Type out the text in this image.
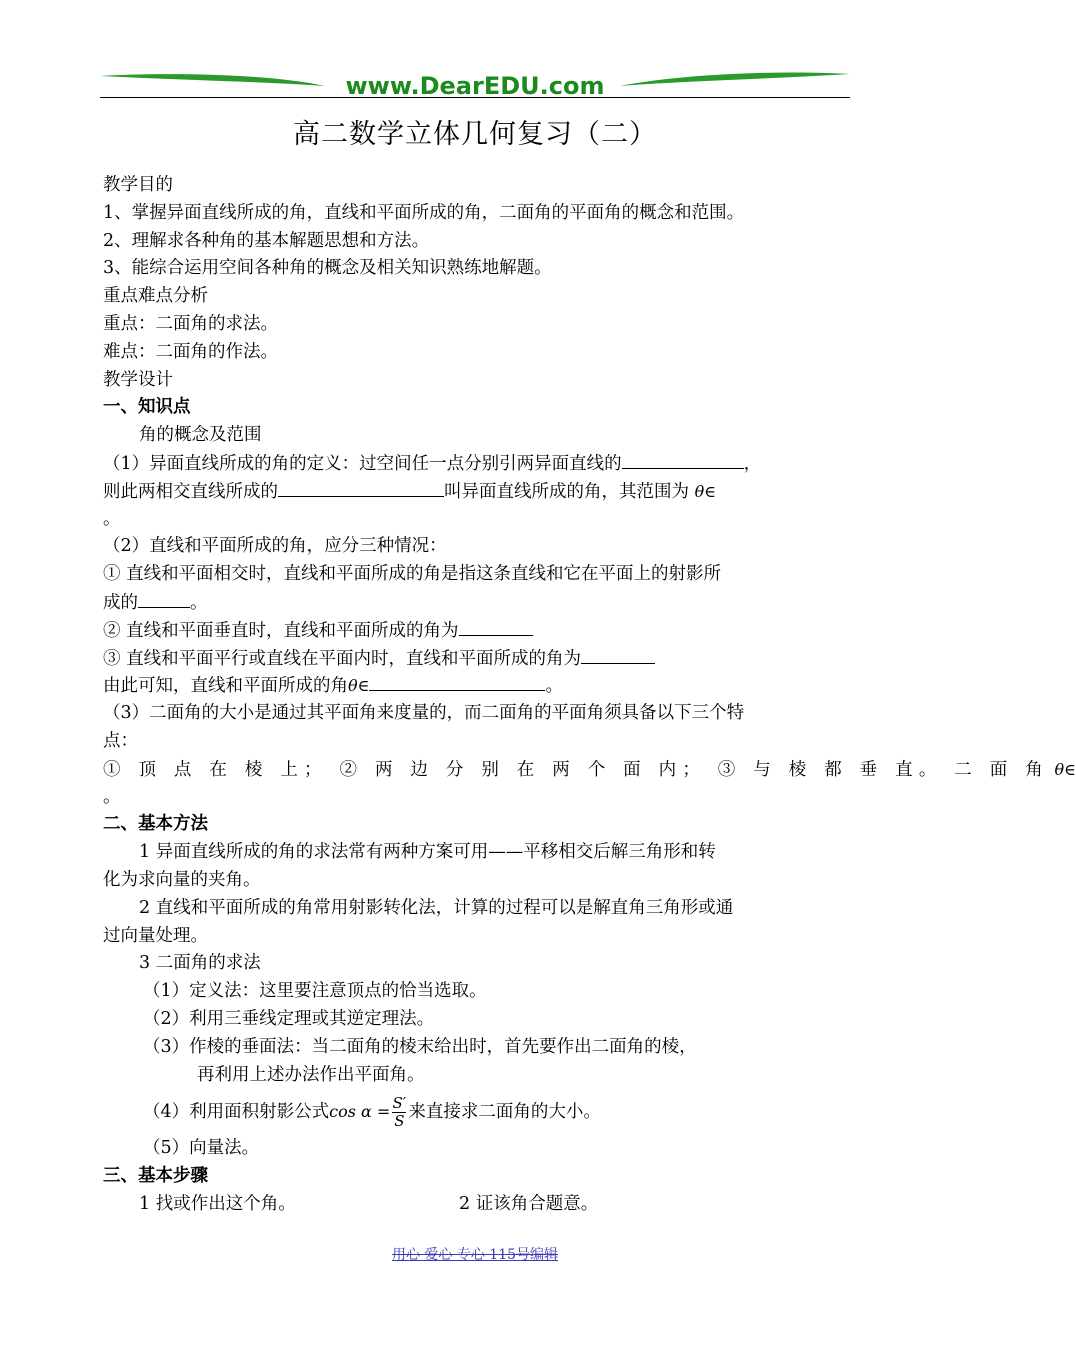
www.DearEDU.com
高二数学立体几何复习（二）
教学目的
1、掌握异面直线所成的角，直线和平面所成的角，二面角的平面角的概念和范围。
2、理解求各种角的基本解题思想和方法。
3、能综合运用空间各种角的概念及相关知识熟练地解题。
重点难点分析
重点：二面角的求法。
难点：二面角的作法。
教学设计
一、知识点
角的概念及范围
（1）异面直线所成的角的定义：过空间任一点分别引两异面直线的	，
则此两相交直线所成的	叫异面直线所成的角，其范围为 θ∈
。
（2）直线和平面所成的角，应分三种情况：
① 直线和平面相交时，直线和平面所成的角是指这条直线和它在平面上的射影所
成的	。
② 直线和平面垂直时，直线和平面所成的角为
③ 直线和平面平行或直线在平面内时，直线和平面所成的角为
由此可知，直线和平面所成的角θ∈	。
（3）二面角的大小是通过其平面角来度量的，而二面角的平面角须具备以下三个特
点：
① 顶 点 在 棱 上； ② 两 边 分 别 在 两 个 面 内； ③ 与 棱 都 垂 直。 二 面 角 θ∈
。
二、基本方法
1 异面直线所成的角的求法常有两种方案可用——平移相交后解三角形和转
化为求向量的夹角。
2 直线和平面所成的角常用射影转化法，计算的过程可以是解直角三角形或通
过向量处理。
3 二面角的求法
（1）定义法：这里要注意顶点的恰当选取。
（2）利用三垂线定理或其逆定理法。
（3）作棱的垂面法：当二面角的棱末给出时，首先要作出二面角的棱，
再利用上述办法作出平面角。
（4）利用面积射影公式$\cos \alpha = \frac{S'}{S}$ 来直接求二面角的大小。
（5）向量法。
三、基本步骤
1 找或作出这个角。	2 证该角合题意。
用心 爱心 专心 115号编辑
